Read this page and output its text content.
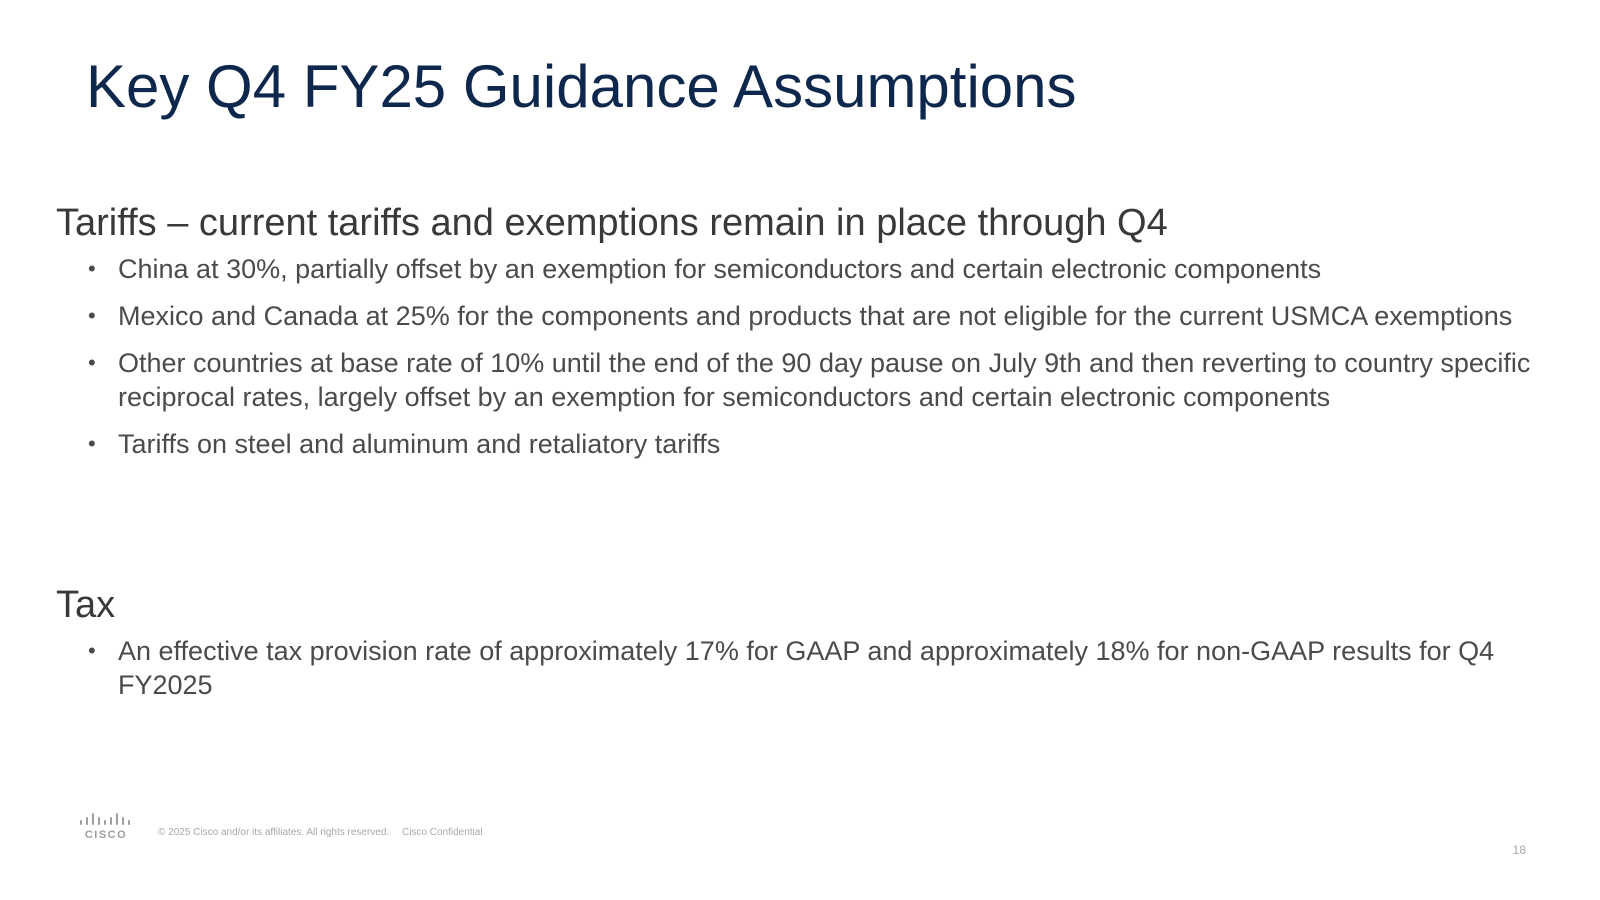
Key Q4 FY25 Guidance Assumptions
Tariffs – current tariffs and exemptions remain in place through Q4
• China at 30%, partially offset by an exemption for semiconductors and certain electronic components
• Mexico and Canada at 25% for the components and products that are not eligible for the current USMCA exemptions
• Other countries at base rate of 10% until the end of the 90 day pause on July 9th and then reverting to country specific reciprocal rates, largely offset by an exemption for semiconductors and certain electronic components
• Tariffs on steel and aluminum and retaliatory tariffs
Tax
• An effective tax provision rate of approximately 17% for GAAP and approximately 18% for non-GAAP results for Q4 FY2025
CISCO	© 2025 Cisco and/or its affiliates. All rights reserved. Cisco Confidential
18
